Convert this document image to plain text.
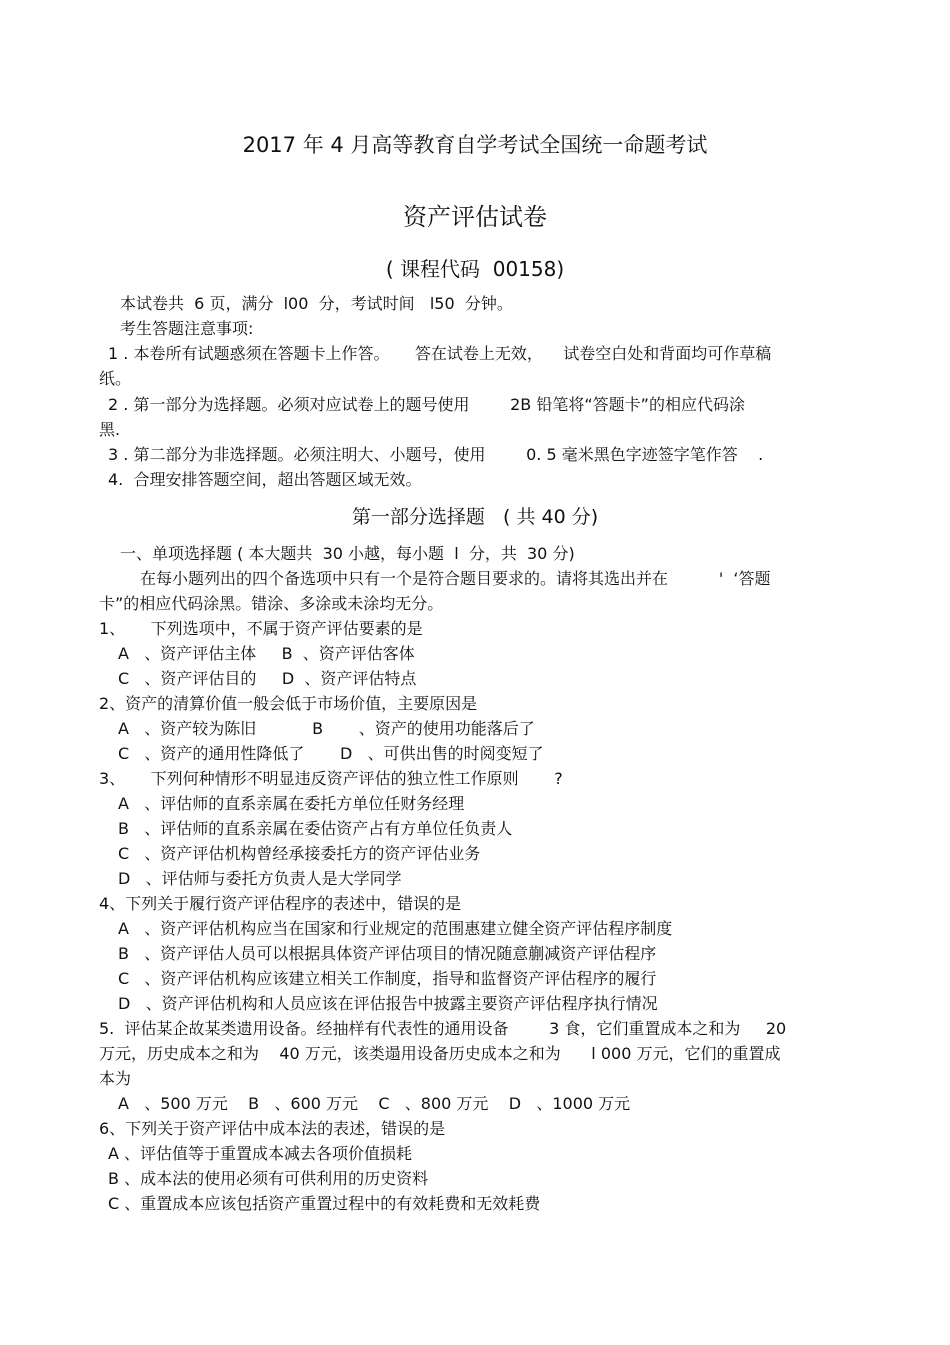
2017 年 4 月高等教育自学考试全国统一命题考试
资产评估试卷
( 课程代码  00158)
本试卷共  6 页，满分  l00  分，考试时间   l50  分钟。
考生答题注意事项:
1 . 本卷所有试题惑须在答题卡上作答。     答在试卷上无效，    试卷空白处和背面均可作草稿
纸。
2 . 第一部分为选择题。必须对应试卷上的题号使用        2B 铅笔将“答题卡”的相应代码涂
黑.
3 . 第二部分为非选择题。必须注明大、小题号，使用        0. 5 毫米黑色字迹签字笔作答    .
4.  合理安排答题空间，超出答题区域无效。
第一部分选择题   ( 共 40 分)
一、单项选择题 ( 本大题共  30 小越，每小题  l  分，共  30 分)
在每小题列出的四个备选项中只有一个是符合题目要求的。请将其选出并在          '  ‘答题
卡”的相应代码涂黑。错涂、多涂或未涂均无分。
1、     下列选项中，不属于资产评估要素的是
A   、资产评估主体     B  、资产评估客体
C   、资产评估目的     D  、资产评估特点
2、资产的清算价值一般会低于市场价值，主要原因是
A   、资产较为陈旧           B       、资产的使用功能落后了
C   、资产的通用性降低了       D   、可供出售的时阅变短了
3、     下列何种情形不明显违反资产评估的独立性工作原则       ?
A   、评估师的直系亲属在委托方单位任财务经理
B   、评估师的直系亲属在委估资产占有方单位任负责人
C   、资产评估机构曾经承接委托方的资产评估业务
D   、评估师与委托方负责人是大学同学
4、下列关于履行资产评估程序的表述中，错误的是
A   、资产评估机构应当在国家和行业规定的范围惠建立健全资产评估程序制度
B   、资产评估人员可以根据具体资产评估项目的情况随意蒯减资产评估程序
C   、资产评估机构应该建立相关工作制度，指导和监督资产评估程序的履行
D   、资产评估机构和人员应该在评估报告中披露主要资产评估程序执行情况
5.  评估某企故某类遗用设备。经抽样有代表性的通用设备        3 食，它们重置成本之和为     20
万元，历史成本之和为    40 万元，该类遢用设备历史成本之和为      l 000 万元，它们的重置成
本为
A   、500 万元    B   、600 万元    C   、800 万元    D   、1000 万元
6、下列关于资产评估中成本法的表述，错误的是
A 、评估值等于重置成本减去各项价值损耗
B 、成本法的使用必须有可供利用的历史资料
C 、重置成本应该包括资产重置过程中的有效耗费和无效耗费
